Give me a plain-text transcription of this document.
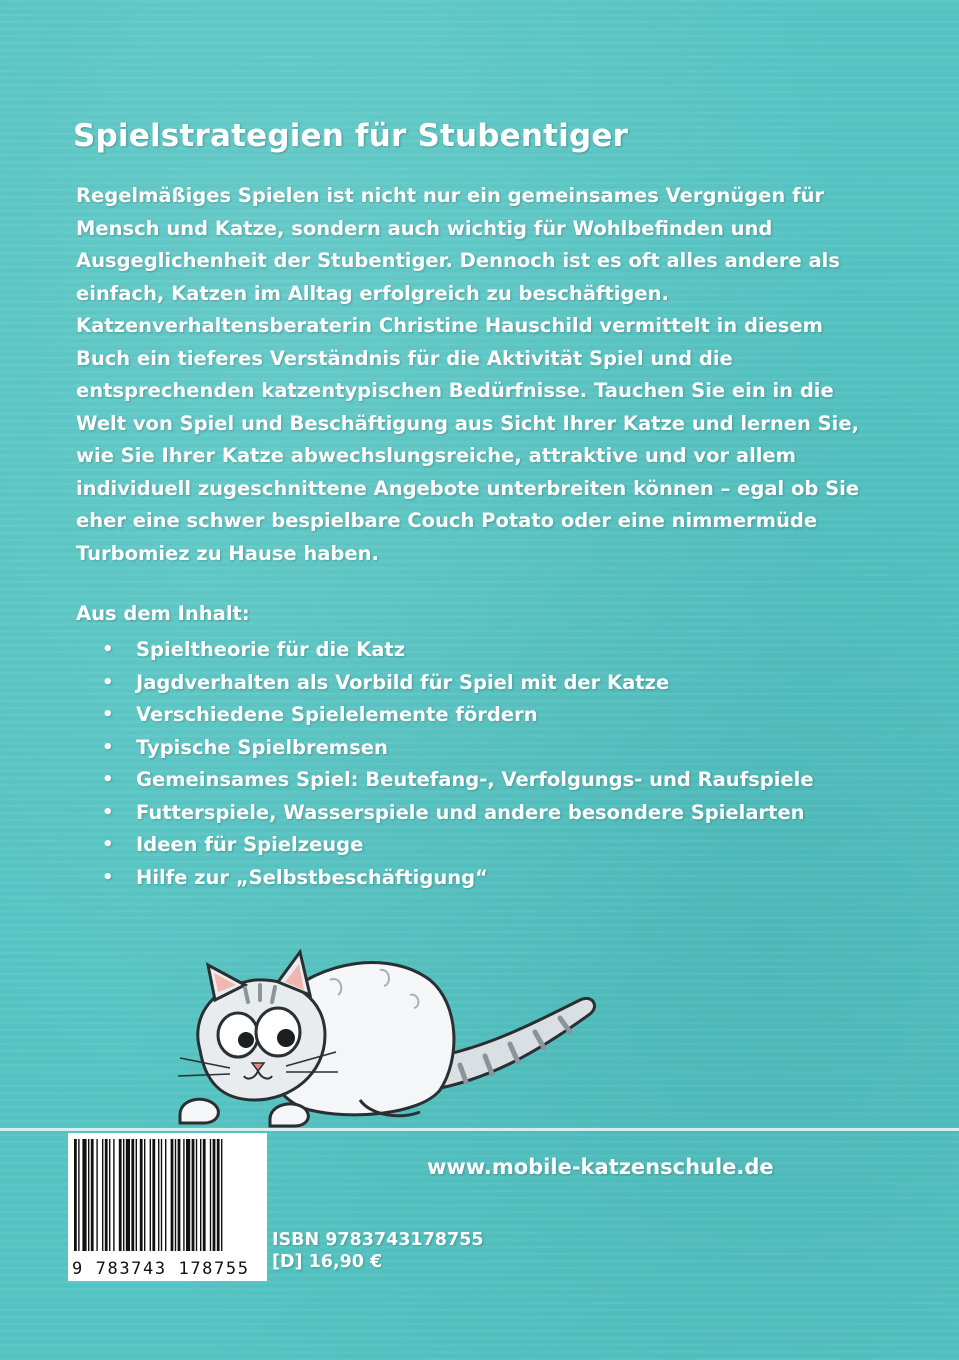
Spielstrategien für Stubentiger
Regelmäßiges Spielen ist nicht nur ein gemeinsames Vergnügen für
Mensch und Katze, sondern auch wichtig für Wohlbefinden und
Ausgeglichenheit der Stubentiger. Dennoch ist es oft alles andere als
einfach, Katzen im Alltag erfolgreich zu beschäftigen.
Katzenverhaltensberaterin Christine Hauschild vermittelt in diesem
Buch ein tieferes Verständnis für die Aktivität Spiel und die
entsprechenden katzentypischen Bedürfnisse. Tauchen Sie ein in die
Welt von Spiel und Beschäftigung aus Sicht Ihrer Katze und lernen Sie,
wie Sie Ihrer Katze abwechslungsreiche, attraktive und vor allem
individuell zugeschnittene Angebote unterbreiten können – egal ob Sie
eher eine schwer bespielbare Couch Potato oder eine nimmermüde
Turbomiez zu Hause haben.
Aus dem Inhalt:
• Spieltheorie für die Katz
• Jagdverhalten als Vorbild für Spiel mit der Katze
• Verschiedene Spielelemente fördern
• Typische Spielbremsen
• Gemeinsames Spiel: Beutefang-, Verfolgungs- und Raufspiele
• Futterspiele, Wasserspiele und andere besondere Spielarten
• Ideen für Spielzeuge
• Hilfe zur „Selbstbeschäftigung“
9 783743 178755
www.mobile-katzenschule.de
ISBN 9783743178755
[D] 16,90 €
